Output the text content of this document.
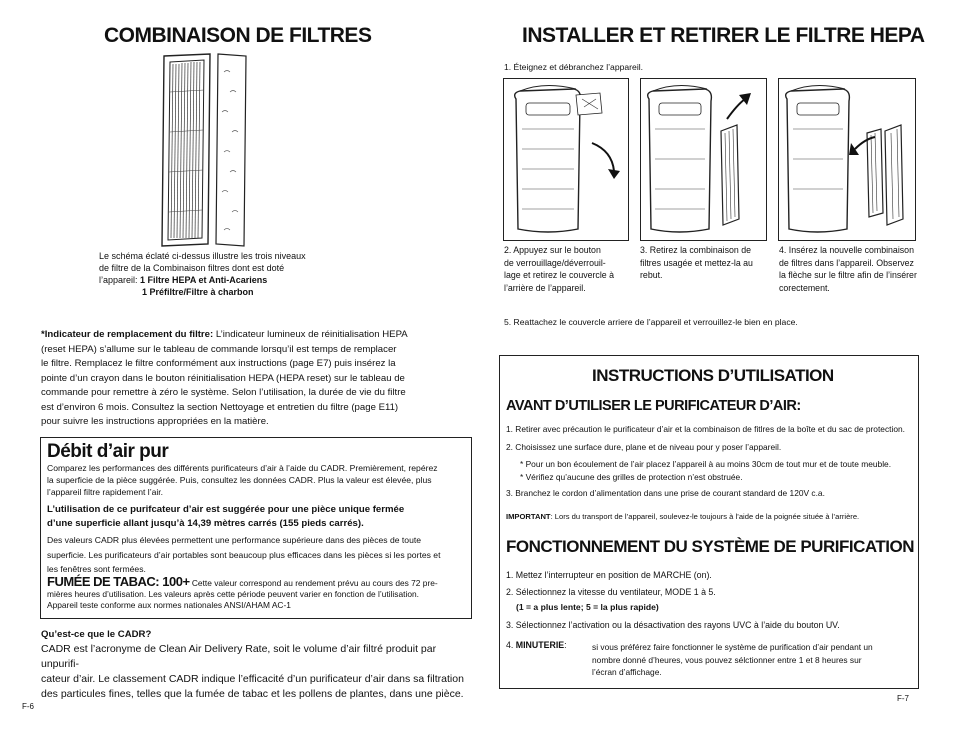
COMBINAISON DE FILTRES
Le schéma éclaté ci-dessus illustre les trois niveaux
de filtre de la Combinaison filtres dont est doté
l’appareil: 1 Filtre HEPA et Anti-Acariens
1 Préfiltre/Filtre à charbon
*Indicateur de remplacement du filtre: L’indicateur lumineux de réinitialisation HEPA
(reset HEPA) s’allume sur le tableau de commande lorsqu’il est temps de remplacer
le filtre. Remplacez le filtre conformément aux instructions (page E7) puis insérez la
pointe d’un crayon dans le bouton réinitialisation HEPA (HEPA reset) sur le tableau de
commande pour remettre à zéro le système. Selon l’utilisation, la durée de vie du filtre
est d’environ 6 mois. Consultez la section Nettoyage et entretien du filtre (page E11)
pour suivre les instructions appropriées en la matière.
Débit d’air pur
Comparez les performances des différents purificateurs d’air à l’aide du CADR. Premièrement, repérez
la superficie de la pièce suggérée. Puis, consultez les données CADR. Plus la valeur est élevée, plus
l’appareil filtre rapidement l’air.
L’utilisation de ce purifcateur d’air est suggérée pour une pièce unique fermée
d’une superficie allant jusqu’à 14,39 mètres carrés (155 pieds carrés).
Des valeurs CADR plus élevées permettent une performance supérieure dans des pièces de toute
superficie. Les purificateurs d’air portables sont beaucoup plus efficaces dans les pièces si les portes et
les fenêtres sont fermées.
FUMÉE DE TABAC: 100+ Cette valeur correspond au rendement prévu au cours des 72 pre-
mières heures d’utilisation. Les valeurs après cette période peuvent varier en fonction de l’utilisation.
Appareil teste conforme aux normes nationales ANSI/AHAM AC-1
Qu’est-ce que le CADR?
CADR est l’acronyme de Clean Air Delivery Rate, soit le volume d’air filtré produit par unpurifi-
cateur d’air. Le classement CADR indique l’efficacité d’un purificateur d’air dans sa filtration
des particules fines, telles que la fumée de tabac et les pollens de plantes, dans une pièce.
F-6
INSTALLER ET RETIRER LE FILTRE HEPA
1. Éteignez et débranchez l’appareil.
2. Appuyez sur le bouton
de verrouillage/déverrouil-
lage et retirez le couvercle à
l’arrière de l’appareil.
3. Retirez la combinaison de
filtres usagée et mettez-la au
rebut.
4. Insérez la nouvelle combinaison
de filtres dans l’appareil. Observez
la flèche sur le filtre afin de l’insérer
corectement.
5. Reattachez le couvercle arriere de l’appareil et verrouillez-le bien en place.
INSTRUCTIONS D’UTILISATION
AVANT D’UTILISER LE PURIFICATEUR D’AIR:
1. Retirer avec précaution le purificateur d’air et la combinaison de fitlres de la boîte et du sac de protection.
2. Choisissez une surface dure, plane et de niveau pour y poser l’appareil.
* Pour un bon écoulement de l’air placez l’appareil à au moins 30cm de tout mur et de toute meuble.
* Vérifiez qu’aucune des grilles de protection n’est obstruée.
3. Branchez le cordon d’alimentation dans une prise de courant standard de 120V c.a.
IMPORTANT: Lors du transport de l’appareil, soulevez-le toujours à l’aide de la poignée située à l’arrière.
FONCTIONNEMENT DU SYSTÈME DE PURIFICATION
1. Mettez l’interrupteur en position de MARCHE (on).
2. Sélectionnez la vitesse du ventilateur, MODE 1 à 5.
(1 = a plus lente; 5 = la plus rapide)
3. Sélectionnez l’activation ou la désactivation des rayons UVC à l’aide du bouton UV.
4. MINUTERIE:	si vous préférez faire fonctionner le système de purification d’air pendant un
nombre donné d’heures, vous pouvez sélctionner entre 1 et 8 heures sur
l’écran d’affichage.
F-7
